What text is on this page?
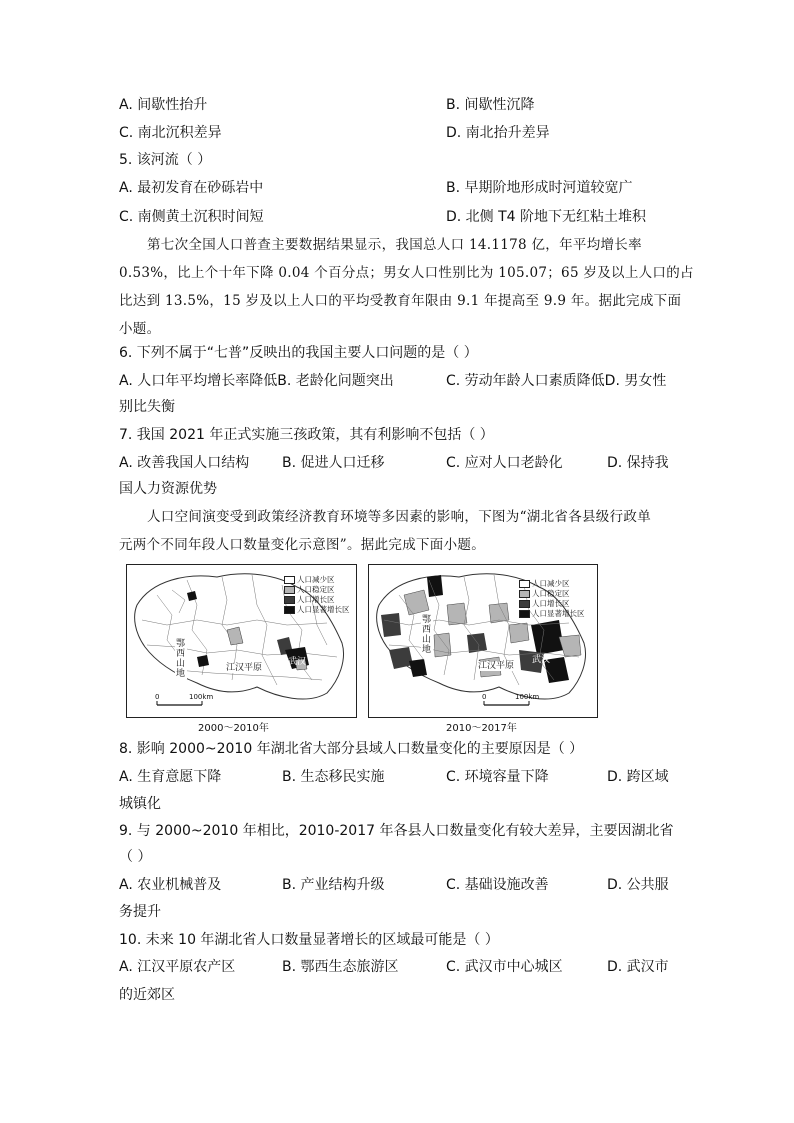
A. 间歇性抬升	B. 间歇性沉降
C. 南北沉积差异	D. 南北抬升差异
5. 该河流（ ）
A. 最初发育在砂砾岩中	B. 早期阶地形成时河道较宽广
C. 南侧黄土沉积时间短	D. 北侧 T4 阶地下无红粘土堆积
第七次全国人口普查主要数据结果显示，我国总人口 14.1178 亿，年平均增长率
0.53%，比上个十年下降 0.04 个百分点；男女人口性别比为 105.07；65 岁及以上人口的占
比达到 13.5%，15 岁及以上人口的平均受教育年限由 9.1 年提高至 9.9 年。据此完成下面
小题。
6. 下列不属于“七普”反映出的我国主要人口问题的是（ ）
A. 人口年平均增长率降低B. 老龄化问题突出	C. 劳动年龄人口素质降低D. 男女性
别比失衡
7. 我国 2021 年正式实施三孩政策，其有利影响不包括（ ）
A. 改善我国人口结构 B. 促进人口迁移	C. 应对人口老龄化	D. 保持我
国人力资源优势
人口空间演变受到政策经济教育环境等多因素的影响，下图为“湖北省各县级行政单
元两个不同年段人口数量变化示意图”。据此完成下面小题。
人口减少区
人口稳定区
人口增长区
人口显著增长区
鄂西山地
江汉平原
武汉
0	100km
2000～2010年
人口减少区
人口稳定区
人口增长区
人口显著增长区
鄂西山地
江汉平原
武汉
0	100km
2010～2017年
8. 影响 2000~2010 年湖北省大部分县域人口数量变化的主要原因是（ ）
A. 生育意愿下降	B. 生态移民实施	C. 环境容量下降	D. 跨区域
城镇化
9. 与 2000~2010 年相比，2010-2017 年各县人口数量变化有较大差异，主要因湖北省
（ ）
A. 农业机械普及	B. 产业结构升级	C. 基础设施改善	D. 公共服
务提升
10. 未来 10 年湖北省人口数量显著增长的区域最可能是（ ）
A. 江汉平原农产区	B. 鄂西生态旅游区	C. 武汉市中心城区	D. 武汉市
的近郊区
